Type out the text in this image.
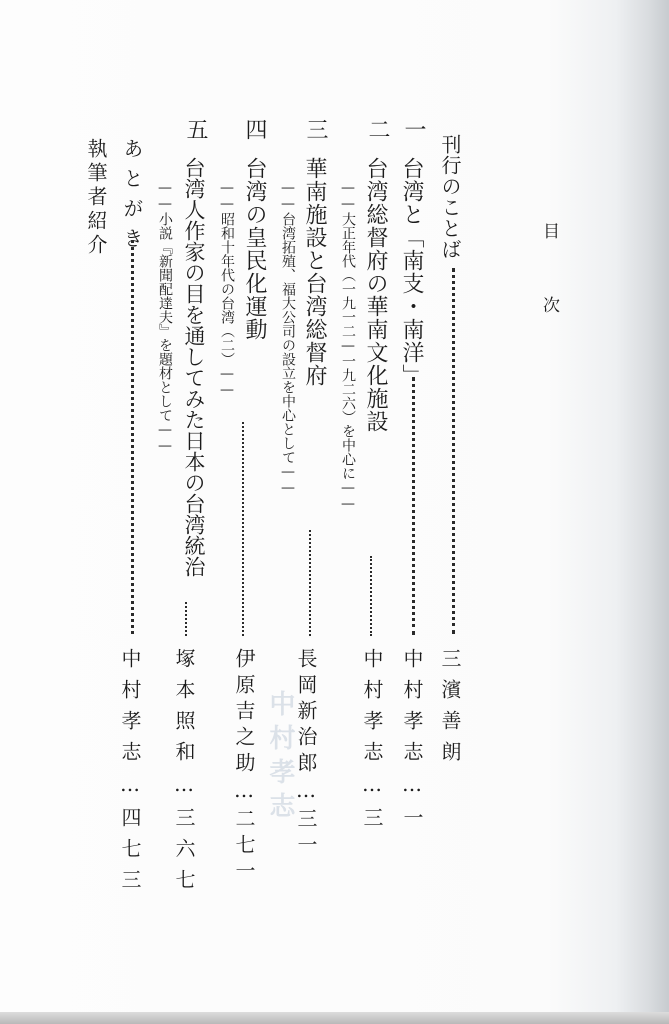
目
次
刊行のことば
三濱善朗
一
台湾と「南支・南洋」
中村孝志…一
二
台湾総督府の華南文化施設
——大正年代（一九一二—一九二六）を中心に——
中村孝志…三
三
華南施設と台湾総督府
——台湾拓殖、福大公司の設立を中心として——
長岡新治郎…三一
四
台湾の皇民化運動
——昭和十年代の台湾（二）——
伊原吉之助…二七一
五
台湾人作家の目を通してみた日本の台湾統治
——小説『新聞配達夫』を題材として——
塚本照和…三六七
あとがき
中村孝志…四七三
執筆者紹介
中村孝志
